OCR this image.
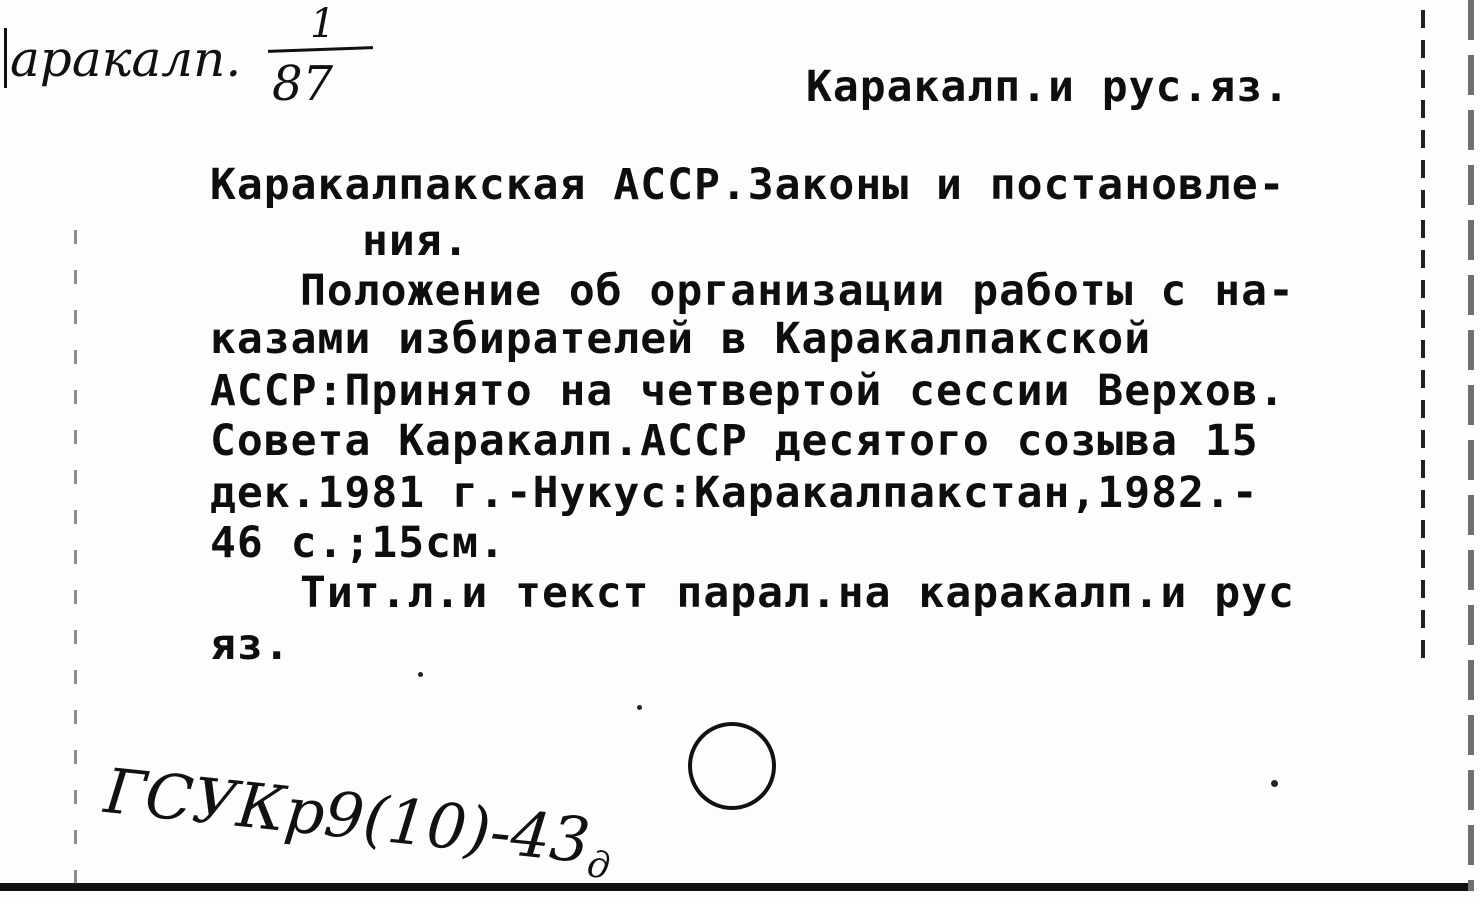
аракалп.
1
87	Каракалп.и рус.яз.
Каракалпакская АССР.Законы и постановле-
ния.
Положение об организации работы с на-
казами избирателей в Каракалпакской
АССР:Принято на четвертой сессии Верхов.
Совета Каракалп.АССР десятого созыва 15
дек.1981 г.-Нукус:Каракалпакстан,1982.-
46 с.;15см.
Тит.л.и текст парал.на каракалп.и рус
яз.
$ГСУКр9(10)-43_д$
